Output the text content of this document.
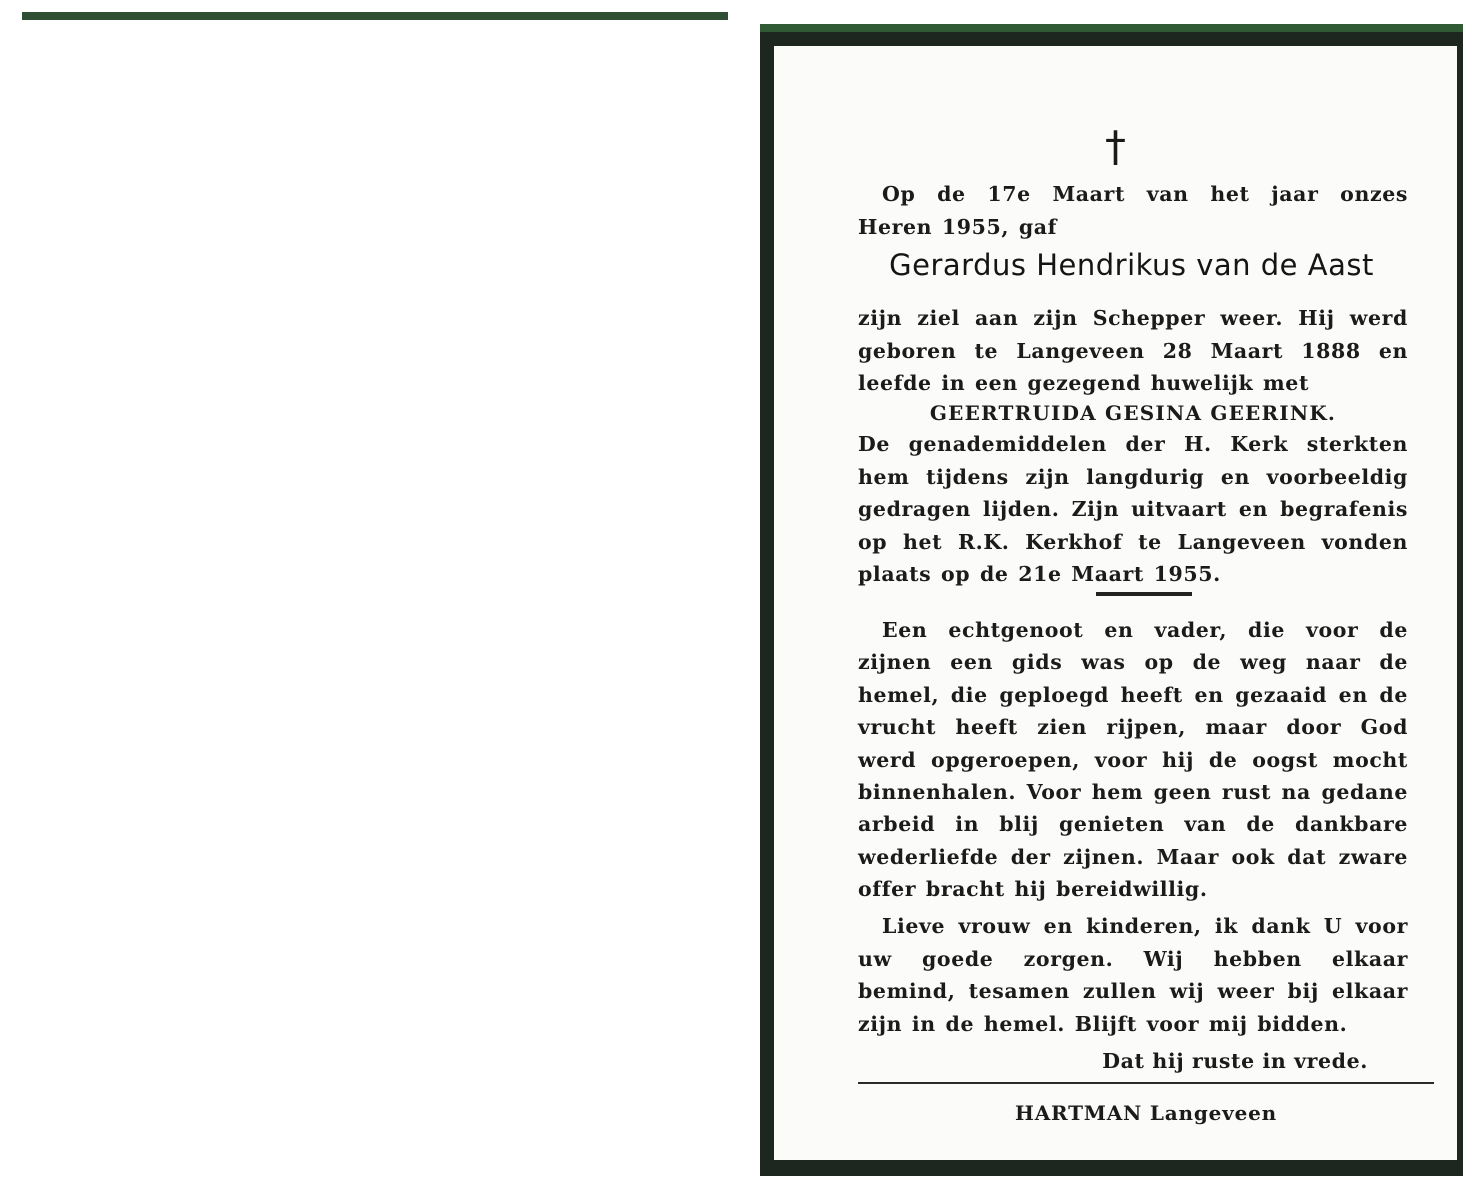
†
Op de 17e Maart van het jaar onzes Heren 1955, gaf
Gerardus Hendrikus van de Aast
zijn ziel aan zijn Schepper weer. Hij werd geboren te Langeveen 28 Maart 1888 en leefde in een gezegend huwelijk met
GEERTRUIDA GESINA GEERINK.
De genademiddelen der H. Kerk sterkten hem tijdens zijn langdurig en voorbeeldig gedragen lijden. Zijn uitvaart en begrafenis op het R.K. Kerkhof te Langeveen vonden plaats op de 21e Maart 1955.
Een echtgenoot en vader, die voor de zijnen een gids was op de weg naar de hemel, die geploegd heeft en gezaaid en de vrucht heeft zien rijpen, maar door God werd opgeroepen, voor hij de oogst mocht binnenhalen. Voor hem geen rust na gedane arbeid in blij genieten van de dankbare wederliefde der zijnen. Maar ook dat zware offer bracht hij bereidwillig.
Lieve vrouw en kinderen, ik dank U voor uw goede zorgen. Wij hebben elkaar bemind, tesamen zullen wij weer bij elkaar zijn in de hemel. Blijft voor mij bidden.
Dat hij ruste in vrede.
HARTMAN Langeveen
